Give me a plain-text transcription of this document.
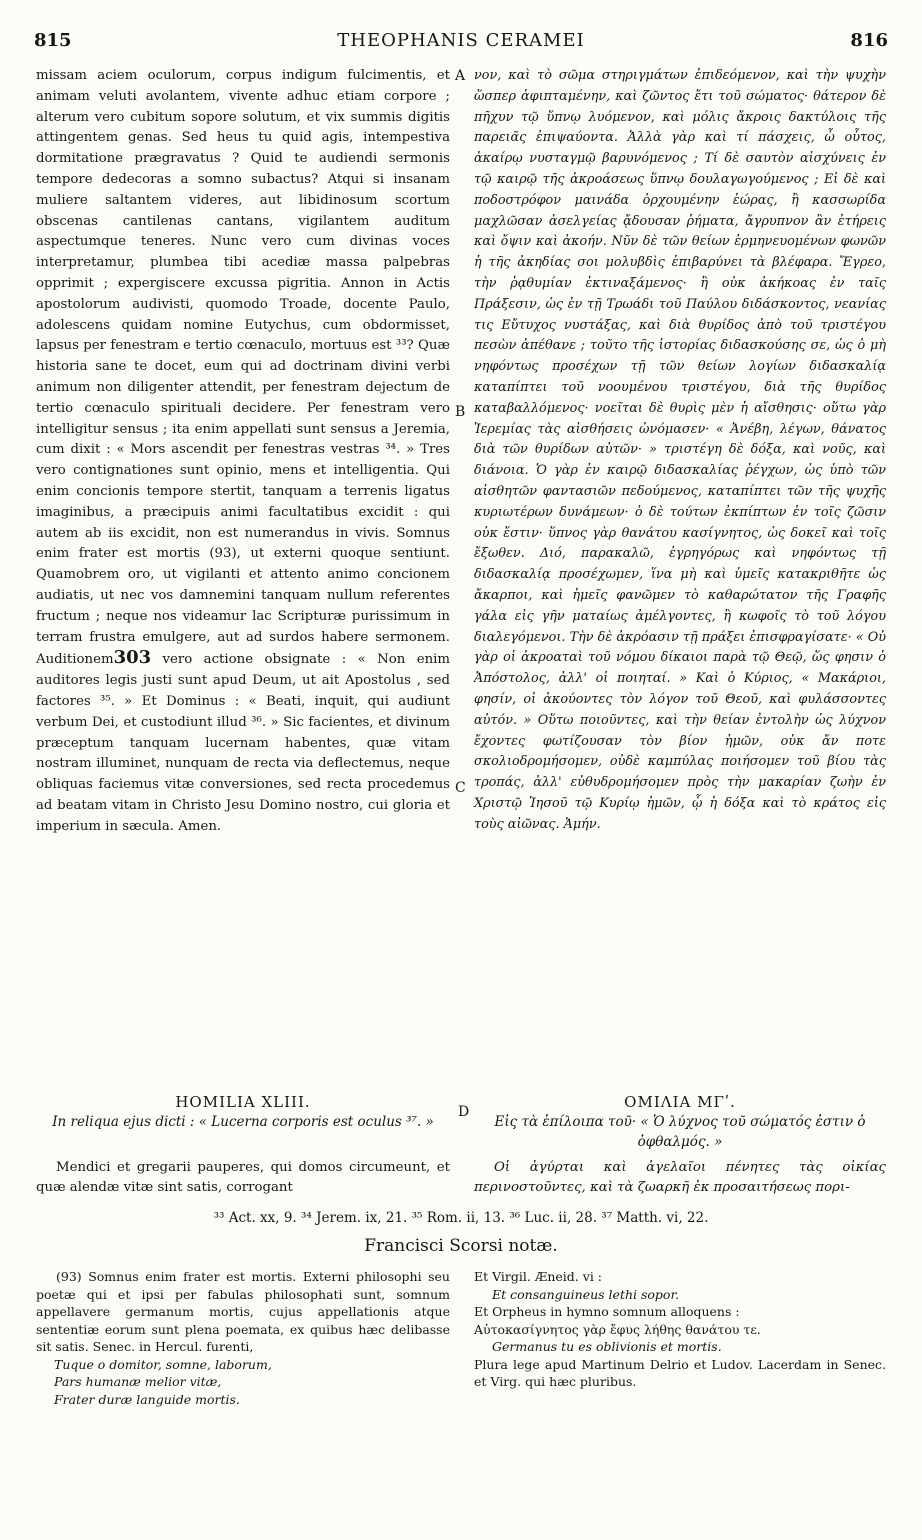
815	THEOPHANIS CERAMEI	816
A
B
C
D

missam aciem oculorum, corpus indigum fulcimentis, et animam veluti avolantem, vivente adhuc etiam corpore ; alterum vero cubitum sopore solutum, et vix summis digitis attingentem genas. Sed heus tu quid agis, intempestiva dormitatione prægravatus ? Quid te audiendi sermonis tempore dedecoras a somno subactus? Atqui si insanam muliere saltantem videres, aut libidinosum scortum obscenas cantilenas cantans, vigilantem auditum aspectumque teneres. Nunc vero cum divinas voces interpretamur, plumbea tibi acediæ massa palpebras opprimit ; expergiscere excussa pigritia. Annon in Actis apostolorum audivisti, quomodo Troade, docente Paulo, adolescens quidam nomine Eutychus, cum obdormisset, lapsus per fenestram e tertio cœnaculo, mortuus est ³³? Quæ historia sane te docet, eum qui ad doctrinam divini verbi animum non diligenter attendit, per fenestram dejectum de tertio cœnaculo spirituali decidere. Per fenestram vero intelligitur sensus ; ita enim appellati sunt sensus a Jeremia, cum dixit : « Mors ascendit per fenestras vestras ³⁴. » Tres vero contignationes sunt opinio, mens et intelligentia. Qui enim concionis tempore stertit, tanquam a terrenis ligatus imaginibus, a præcipuis animi facultatibus excidit : qui autem ab iis excidit, non est numerandus in vivis. Somnus enim frater est mortis (93), ut externi quoque sentiunt. Quamobrem oro, ut vigilanti et attento animo concionem audiatis, ut nec vos damnemini tanquam nullum referentes fructum ; neque nos videamur lac Scripturæ purissimum in terram frustra emulgere, aut ad surdos habere sermonem. Auditionem303 vero actione obsignate : « Non enim auditores legis justi sunt apud Deum, ut ait Apostolus , sed factores ³⁵. » Et Dominus : « Beati, inquit, qui audiunt verbum Dei, et custodiunt illud ³⁶. » Sic facientes, et divinum præceptum tanquam lucernam habentes, quæ vitam nostram illuminet, nunquam de recta via deflectemus, neque obliquas faciemus vitæ conversiones, sed recta procedemus ad beatam vitam in Christo Jesu Domino nostro, cui gloria et imperium in sæcula. Amen.

νον, καὶ τὸ σῶμα στηριγμάτων ἐπιδεόμενον, καὶ τὴν ψυχὴν ὥσπερ ἀφιπταμένην, καὶ ζῶντος ἔτι τοῦ σώματος· θάτερον δὲ πῆχυν τῷ ὕπνῳ λυόμενον, καὶ μόλις ἄκροις δακτύλοις τῆς παρειᾶς ἐπιψαύοντα. Ἀλλὰ γὰρ καὶ τί πάσχεις, ὦ οὗτος, ἀκαίρῳ νυσταγμῷ βαρυνόμενος ; Τί δὲ σαυτὸν αἰσχύνεις ἐν τῷ καιρῷ τῆς ἀκροάσεως ὕπνῳ δουλαγωγούμενος ; Εἰ δὲ καὶ ποδοστρόφον μαινάδα ὀρχουμένην ἑώρας, ἢ κασσωρίδα μαχλῶσαν ἀσελγείας ᾄδουσαν ῥήματα, ἄγρυπνον ἂν ἐτήρεις καὶ ὄψιν καὶ ἀκοήν. Νῦν δὲ τῶν θείων ἑρμηνευομένων φωνῶν ἡ τῆς ἀκηδίας σοι μολυβδὶς ἐπιβαρύνει τὰ βλέφαρα. Ἔγρεο, τὴν ῥᾳθυμίαν ἐκτιναξάμενος· ἢ οὐκ ἀκήκοας ἐν ταῖς Πράξεσιν, ὡς ἐν τῇ Τρωάδι τοῦ Παύλου διδάσκοντος, νεανίας τις Εὔτυχος νυστάξας, καὶ διὰ θυρίδος ἀπὸ τοῦ τριστέγου πεσὼν ἀπέθανε ; τοῦτο τῆς ἱστορίας διδασκούσης σε, ὡς ὁ μὴ νηφόντως προσέχων τῇ τῶν θείων λογίων διδασκαλίᾳ καταπίπτει τοῦ νοουμένου τριστέγου, διὰ τῆς θυρίδος καταβαλλόμενος· νοεῖται δὲ θυρὶς μὲν ἡ αἴσθησις· οὕτω γὰρ Ἱερεμίας τὰς αἰσθήσεις ὠνόμασεν· « Ἀνέβη, λέγων, θάνατος διὰ τῶν θυρίδων αὐτῶν· » τριστέγη δὲ δόξα, καὶ νοῦς, καὶ διάνοια. Ὁ γὰρ ἐν καιρῷ διδασκαλίας ῥέγχων, ὡς ὑπὸ τῶν αἰσθητῶν φαντασιῶν πεδούμενος, καταπίπτει τῶν τῆς ψυχῆς κυριωτέρων δυνάμεων· ὁ δὲ τούτων ἐκπίπτων ἐν τοῖς ζῶσιν οὐκ ἔστιν· ὕπνος γὰρ θανάτου κασίγνητος, ὡς δοκεῖ καὶ τοῖς ἔξωθεν. Διό, παρακαλῶ, ἐγρηγόρως καὶ νηφόντως τῇ διδασκαλίᾳ προσέχωμεν, ἵνα μὴ καὶ ὑμεῖς κατακριθῆτε ὡς ἄκαρποι, καὶ ἡμεῖς φανῶμεν τὸ καθαρώτατον τῆς Γραφῆς γάλα εἰς γῆν ματαίως ἀμέλγοντες, ἢ κωφοῖς τὸ τοῦ λόγου διαλεγόμενοι. Τὴν δὲ ἀκρόασιν τῇ πράξει ἐπισφραγίσατε· « Οὐ γὰρ οἱ ἀκροαταὶ τοῦ νόμου δίκαιοι παρὰ τῷ Θεῷ, ὥς φησιν ὁ Ἀπόστολος, ἀλλ' οἱ ποιηταί. » Καὶ ὁ Κύριος, « Μακάριοι, φησίν, οἱ ἀκούοντες τὸν λόγον τοῦ Θεοῦ, καὶ φυλάσσοντες αὐτόν. » Οὕτω ποιοῦντες, καὶ τὴν θείαν ἐντολὴν ὡς λύχνον ἔχοντες φωτίζουσαν τὸν βίον ἡμῶν, οὐκ ἄν ποτε σκολιοδρομήσομεν, οὐδὲ καμπύλας ποιήσομεν τοῦ βίου τὰς τροπάς, ἀλλ' εὐθυδρομήσομεν πρὸς τὴν μακαρίαν ζωὴν ἐν Χριστῷ Ἰησοῦ τῷ Κυρίῳ ἡμῶν, ᾧ ἡ δόξα καὶ τὸ κράτος εἰς τοὺς αἰῶνας. Ἀμήν.

HOMILIA XLIII.
In reliqua ejus dicti : « Lucerna corporis est oculus ³⁷. »
Mendici et gregarii pauperes, qui domos circumeunt, et quæ alendæ vitæ sint satis, corrogant
ΟΜΙΛΙΑ ΜΓʹ.
Εἰς τὰ ἐπίλοιπα τοῦ· « Ὁ λύχνος τοῦ σώματός ἐστιν ὁ ὀφθαλμός. »
Οἱ ἀγύρται καὶ ἀγελαῖοι πένητες τὰς οἰκίας περινοστοῦντες, καὶ τὰ ζωαρκῆ ἐκ προσαιτήσεως πορι-
³³ Act. xx, 9. ³⁴ Jerem. ix, 21. ³⁵ Rom. ii, 13. ³⁶ Luc. ii, 28. ³⁷ Matth. vi, 22.
Francisci Scorsi notæ.

(93) Somnus enim frater est mortis. Externi philosophi seu poetæ qui et ipsi per fabulas philosophati sunt, somnum appellavere germanum mortis, cujus appellationis atque sententiæ eorum sunt plena poemata, ex quibus hæc delibasse sit satis. Senec. in Hercul. furenti,

Tuque o domitor, somne, laborum,

Pars humanæ melior vitæ,

Frater duræ languide mortis.

Et Virgil. Æneid. vi :

Et consanguineus lethi sopor.

Et Orpheus in hymno somnum alloquens :

Αὐτοκασίγνητος γὰρ ἔφυς λήθης θανάτου τε.

Germanus tu es oblivionis et mortis.

Plura lege apud Martinum Delrio et Ludov. Lacerdam in Senec. et Virg. qui hæc pluribus.
